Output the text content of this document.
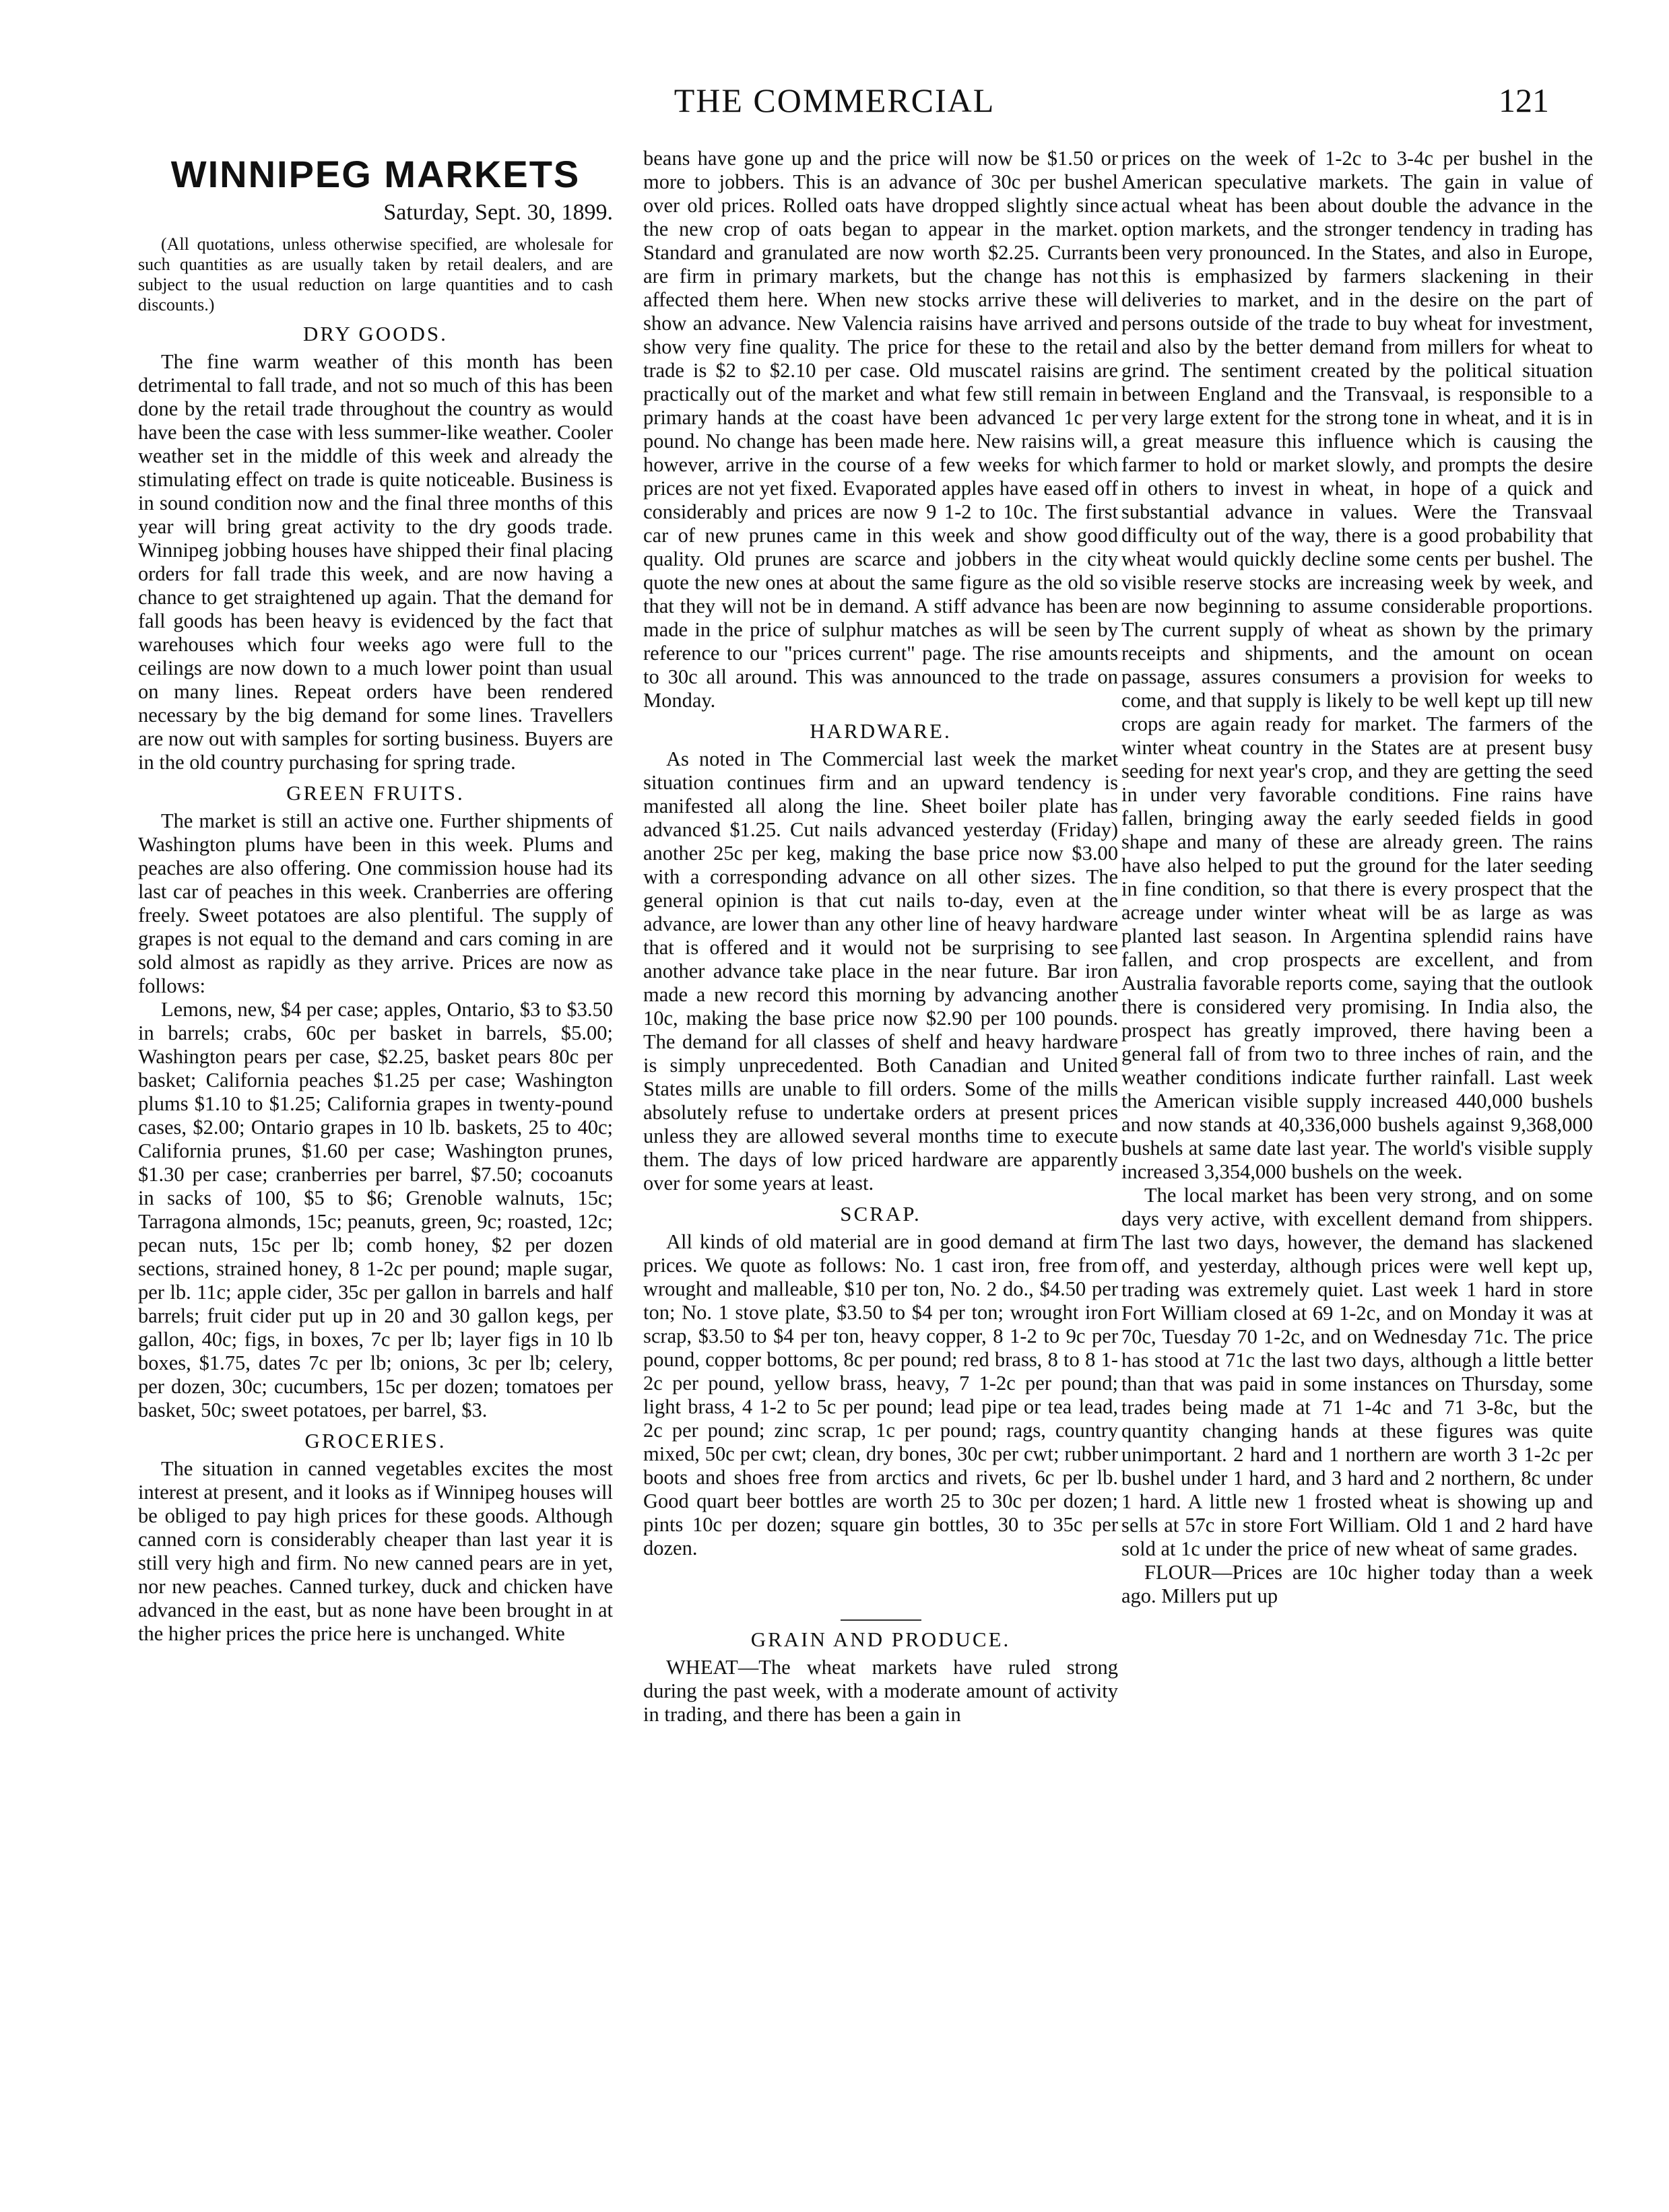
THE COMMERCIAL	121
WINNIPEG MARKETS
Saturday, Sept. 30, 1899.

(All quotations, unless otherwise specified, are wholesale for such quantities as are usually taken by retail dealers, and are subject to the usual reduction on large quantities and to cash discounts.)

DRY GOODS.

The fine warm weather of this month has been detrimental to fall trade, and not so much of this has been done by the retail trade throughout the country as would have been the case with less summer-like weather. Cooler weather set in the middle of this week and already the stimulating effect on trade is quite noticeable. Business is in sound condition now and the final three months of this year will bring great activity to the dry goods trade. Winnipeg jobbing houses have shipped their final placing orders for fall trade this week, and are now having a chance to get straightened up again. That the demand for fall goods has been heavy is evidenced by the fact that warehouses which four weeks ago were full to the ceilings are now down to a much lower point than usual on many lines. Repeat orders have been rendered necessary by the big demand for some lines. Travellers are now out with samples for sorting business. Buyers are in the old country purchasing for spring trade.

GREEN FRUITS.

The market is still an active one. Further shipments of Washington plums have been in this week. Plums and peaches are also offering. One commission house had its last car of peaches in this week. Cranberries are offering freely. Sweet potatoes are also plentiful. The supply of grapes is not equal to the demand and cars coming in are sold almost as rapidly as they arrive. Prices are now as follows:

Lemons, new, $4 per case; apples, Ontario, $3 to $3.50 in barrels; crabs, 60c per basket in barrels, $5.00; Washington pears per case, $2.25, basket pears 80c per basket; California peaches $1.25 per case; Washington plums $1.10 to $1.25; California grapes in twenty-pound cases, $2.00; Ontario grapes in 10 lb. baskets, 25 to 40c; California prunes, $1.60 per case; Washington prunes, $1.30 per case; cranberries per barrel, $7.50; cocoanuts in sacks of 100, $5 to $6; Grenoble walnuts, 15c; Tarragona almonds, 15c; peanuts, green, 9c; roasted, 12c; pecan nuts, 15c per lb; comb honey, $2 per dozen sections, strained honey, 8 1-2c per pound; maple sugar, per lb. 11c; apple cider, 35c per gallon in barrels and half barrels; fruit cider put up in 20 and 30 gallon kegs, per gallon, 40c; figs, in boxes, 7c per lb; layer figs in 10 lb boxes, $1.75, dates 7c per lb; onions, 3c per lb; celery, per dozen, 30c; cucumbers, 15c per dozen; tomatoes per basket, 50c; sweet potatoes, per barrel, $3.

GROCERIES.

The situation in canned vegetables excites the most interest at present, and it looks as if Winnipeg houses will be obliged to pay high prices for these goods. Although canned corn is considerably cheaper than last year it is still very high and firm. No new canned pears are in yet, nor new peaches. Canned turkey, duck and chicken have advanced in the east, but as none have been brought in at the higher prices the price here is unchanged. White

beans have gone up and the price will now be $1.50 or more to jobbers. This is an advance of 30c per bushel over old prices. Rolled oats have dropped slightly since the new crop of oats began to appear in the market. Standard and granulated are now worth $2.25. Currants are firm in primary markets, but the change has not affected them here. When new stocks arrive these will show an advance. New Valencia raisins have arrived and show very fine quality. The price for these to the retail trade is $2 to $2.10 per case. Old muscatel raisins are practically out of the market and what few still remain in primary hands at the coast have been advanced 1c per pound. No change has been made here. New raisins will, however, arrive in the course of a few weeks for which prices are not yet fixed. Evaporated apples have eased off considerably and prices are now 9 1-2 to 10c. The first car of new prunes came in this week and show good quality. Old prunes are scarce and jobbers in the city quote the new ones at about the same figure as the old so that they will not be in demand. A stiff advance has been made in the price of sulphur matches as will be seen by reference to our "prices current" page. The rise amounts to 30c all around. This was announced to the trade on Monday.

HARDWARE.

As noted in The Commercial last week the market situation continues firm and an upward tendency is manifested all along the line. Sheet boiler plate has advanced $1.25. Cut nails advanced yesterday (Friday) another 25c per keg, making the base price now $3.00 with a corresponding advance on all other sizes. The general opinion is that cut nails to-day, even at the advance, are lower than any other line of heavy hardware that is offered and it would not be surprising to see another advance take place in the near future. Bar iron made a new record this morning by advancing another 10c, making the base price now $2.90 per 100 pounds. The demand for all classes of shelf and heavy hardware is simply unprecedented. Both Canadian and United States mills are unable to fill orders. Some of the mills absolutely refuse to undertake orders at present prices unless they are allowed several months time to execute them. The days of low priced hardware are apparently over for some years at least.

SCRAP.

All kinds of old material are in good demand at firm prices. We quote as follows: No. 1 cast iron, free from wrought and malleable, $10 per ton, No. 2 do., $4.50 per ton; No. 1 stove plate, $3.50 to $4 per ton; wrought iron scrap, $3.50 to $4 per ton, heavy copper, 8 1-2 to 9c per pound, copper bottoms, 8c per pound; red brass, 8 to 8 1-2c per pound, yellow brass, heavy, 7 1-2c per pound; light brass, 4 1-2 to 5c per pound; lead pipe or tea lead, 2c per pound; zinc scrap, 1c per pound; rags, country mixed, 50c per cwt; clean, dry bones, 30c per cwt; rubber boots and shoes free from arctics and rivets, 6c per lb. Good quart beer bottles are worth 25 to 30c per dozen; pints 10c per dozen; square gin bottles, 30 to 35c per dozen.

GRAIN AND PRODUCE.

WHEAT—The wheat markets have ruled strong during the past week, with a moderate amount of activity in trading, and there has been a gain in

prices on the week of 1-2c to 3-4c per bushel in the American speculative markets. The gain in value of actual wheat has been about double the advance in the option markets, and the stronger tendency in trading has been very pronounced. In the States, and also in Europe, this is emphasized by farmers slackening in their deliveries to market, and in the desire on the part of persons outside of the trade to buy wheat for investment, and also by the better demand from millers for wheat to grind. The sentiment created by the political situation between England and the Transvaal, is responsible to a very large extent for the strong tone in wheat, and it is in a great measure this influence which is causing the farmer to hold or market slowly, and prompts the desire in others to invest in wheat, in hope of a quick and substantial advance in values. Were the Transvaal difficulty out of the way, there is a good probability that wheat would quickly decline some cents per bushel. The visible reserve stocks are increasing week by week, and are now beginning to assume considerable proportions. The current supply of wheat as shown by the primary receipts and shipments, and the amount on ocean passage, assures consumers a provision for weeks to come, and that supply is likely to be well kept up till new crops are again ready for market. The farmers of the winter wheat country in the States are at present busy seeding for next year's crop, and they are getting the seed in under very favorable conditions. Fine rains have fallen, bringing away the early seeded fields in good shape and many of these are already green. The rains have also helped to put the ground for the later seeding in fine condition, so that there is every prospect that the acreage under winter wheat will be as large as was planted last season. In Argentina splendid rains have fallen, and crop prospects are excellent, and from Australia favorable reports come, saying that the outlook there is considered very promising. In India also, the prospect has greatly improved, there having been a general fall of from two to three inches of rain, and the weather conditions indicate further rainfall. Last week the American visible supply increased 440,000 bushels and now stands at 40,336,000 bushels against 9,368,000 bushels at same date last year. The world's visible supply increased 3,354,000 bushels on the week.

The local market has been very strong, and on some days very active, with excellent demand from shippers. The last two days, however, the demand has slackened off, and yesterday, although prices were well kept up, trading was extremely quiet. Last week 1 hard in store Fort William closed at 69 1-2c, and on Monday it was at 70c, Tuesday 70 1-2c, and on Wednesday 71c. The price has stood at 71c the last two days, although a little better than that was paid in some instances on Thursday, some trades being made at 71 1-4c and 71 3-8c, but the quantity changing hands at these figures was quite unimportant. 2 hard and 1 northern are worth 3 1-2c per bushel under 1 hard, and 3 hard and 2 northern, 8c under 1 hard. A little new 1 frosted wheat is showing up and sells at 57c in store Fort William. Old 1 and 2 hard have sold at 1c under the price of new wheat of same grades.

FLOUR—Prices are 10c higher today than a week ago. Millers put up
